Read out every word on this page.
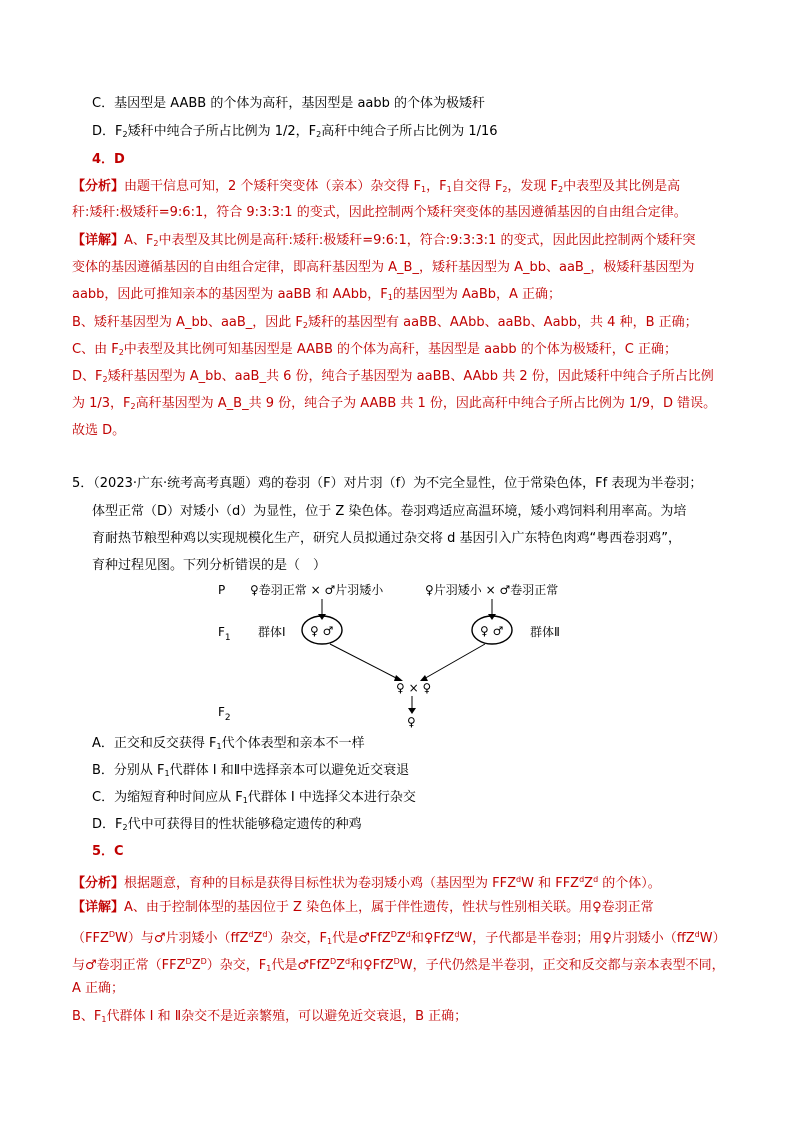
C．基因型是 AABB 的个体为高秆，基因型是 aabb 的个体为极矮秆
D．$F_2$矮秆中纯合子所占比例为 1/2，$F_2$高秆中纯合子所占比例为 1/16
4．D
【分析】由题干信息可知，2 个矮秆突变体（亲本）杂交得 $F_1$，$F_1$自交得 $F_2$，发现 $F_2$中表型及其比例是高
秆:矮秆:极矮秆=9:6:1，符合 9:3:3:1 的变式，因此控制两个矮秆突变体的基因遵循基因的自由组合定律。
【详解】A、$F_2$中表型及其比例是高秆:矮秆:极矮秆=9:6:1，符合:9:3:3:1 的变式，因此因此控制两个矮秆突
变体的基因遵循基因的自由组合定律，即高秆基因型为 A_B_，矮秆基因型为 A_bb、aaB_，极矮秆基因型为
aabb，因此可推知亲本的基因型为 aaBB 和 AAbb，$F_1$的基因型为 AaBb，A 正确；
B、矮秆基因型为 A_bb、aaB_，因此 $F_2$矮秆的基因型有 aaBB、AAbb、aaBb、Aabb，共 4 种，B 正确；
C、由 $F_2$中表型及其比例可知基因型是 AABB 的个体为高秆，基因型是 aabb 的个体为极矮秆，C 正确；
D、$F_2$矮秆基因型为 A_bb、aaB_共 6 份，纯合子基因型为 aaBB、AAbb 共 2 份，因此矮秆中纯合子所占比例
为 1/3，$F_2$高秆基因型为 A_B_共 9 份，纯合子为 AABB 共 1 份，因此高秆中纯合子所占比例为 1/9，D 错误。
故选 D。
5．（2023·广东·统考高考真题）鸡的卷羽（F）对片羽（f）为不完全显性，位于常染色体，Ff 表现为半卷羽；
体型正常（D）对矮小（d）为显性，位于 Z 染色体。卷羽鸡适应高温环境，矮小鸡饲料利用率高。为培
育耐热节粮型种鸡以实现规模化生产，研究人员拟通过杂交将 d 基因引入广东特色肉鸡“粤西卷羽鸡”，
育种过程见图。下列分析错误的是（　）
P ♀卷羽正常 × ♂片羽矮小	♀片羽矮小 × ♂卷羽正常
$F_1$ 群体Ⅰ ♀ ♂	♀ ♂ 群体Ⅱ
♀ × ♀
$F_2$	♀
A．正交和反交获得 $F_1$代个体表型和亲本不一样
B．分别从 $F_1$代群体 I 和Ⅱ中选择亲本可以避免近交衰退
C．为缩短育种时间应从 $F_1$代群体 I 中选择父本进行杂交
D．$F_2$代中可获得目的性状能够稳定遗传的种鸡
5．C
【分析】根据题意，育种的目标是获得目标性状为卷羽矮小鸡（基因型为 FFZ$^d$W 和 $FFZ^dZ^d$ 的个体）。
【详解】A、由于控制体型的基因位于 Z 染色体上，属于伴性遗传，性状与性别相关联。用♀卷羽正常
$(FFZ^DW)$与♂片羽矮小$(ffZ^dZ^d)$杂交，$F_1$代是$♂FfZ^DZ^d$和♀FfZ$^d$W，子代都是半卷羽；用♀片羽矮小（ffZ$^d$W）
与♂卷羽正常$(FFZ^DZ^D)$杂交，$F_1$代是$♂FfZ^DZ^d$和♀FfZ$^D$W，子代仍然是半卷羽，正交和反交都与亲本表型不同，
A 正确；
B、$F_1$代群体 I 和 Ⅱ杂交不是近亲繁殖，可以避免近交衰退，B 正确；
